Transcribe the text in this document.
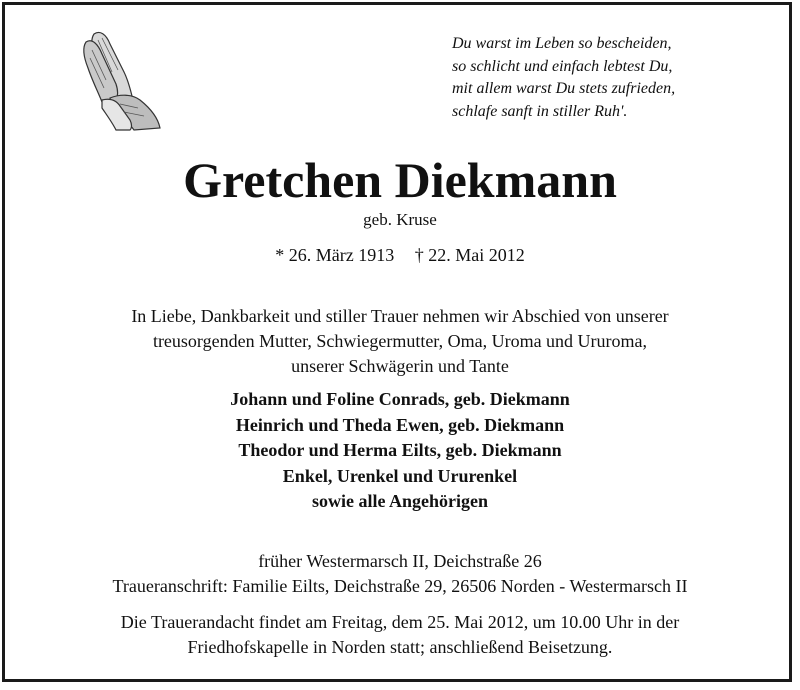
Du warst im Leben so bescheiden,
so schlicht und einfach lebtest Du,
mit allem warst Du stets zufrieden,
schlafe sanft in stiller Ruh'.
Gretchen Diekmann
geb. Kruse
* 26. März 1913 † 22. Mai 2012
In Liebe, Dankbarkeit und stiller Trauer nehmen wir Abschied von unserer
treusorgenden Mutter, Schwiegermutter, Oma, Uroma und Ururoma,
unserer Schwägerin und Tante
Johann und Foline Conrads, geb. Diekmann
Heinrich und Theda Ewen, geb. Diekmann
Theodor und Herma Eilts, geb. Diekmann
Enkel, Urenkel und Ururenkel
sowie alle Angehörigen
früher Westermarsch II, Deichstraße 26
Traueranschrift: Familie Eilts, Deichstraße 29, 26506 Norden - Westermarsch II
Die Trauerandacht findet am Freitag, dem 25. Mai 2012, um 10.00 Uhr in der
Friedhofskapelle in Norden statt; anschließend Beisetzung.
